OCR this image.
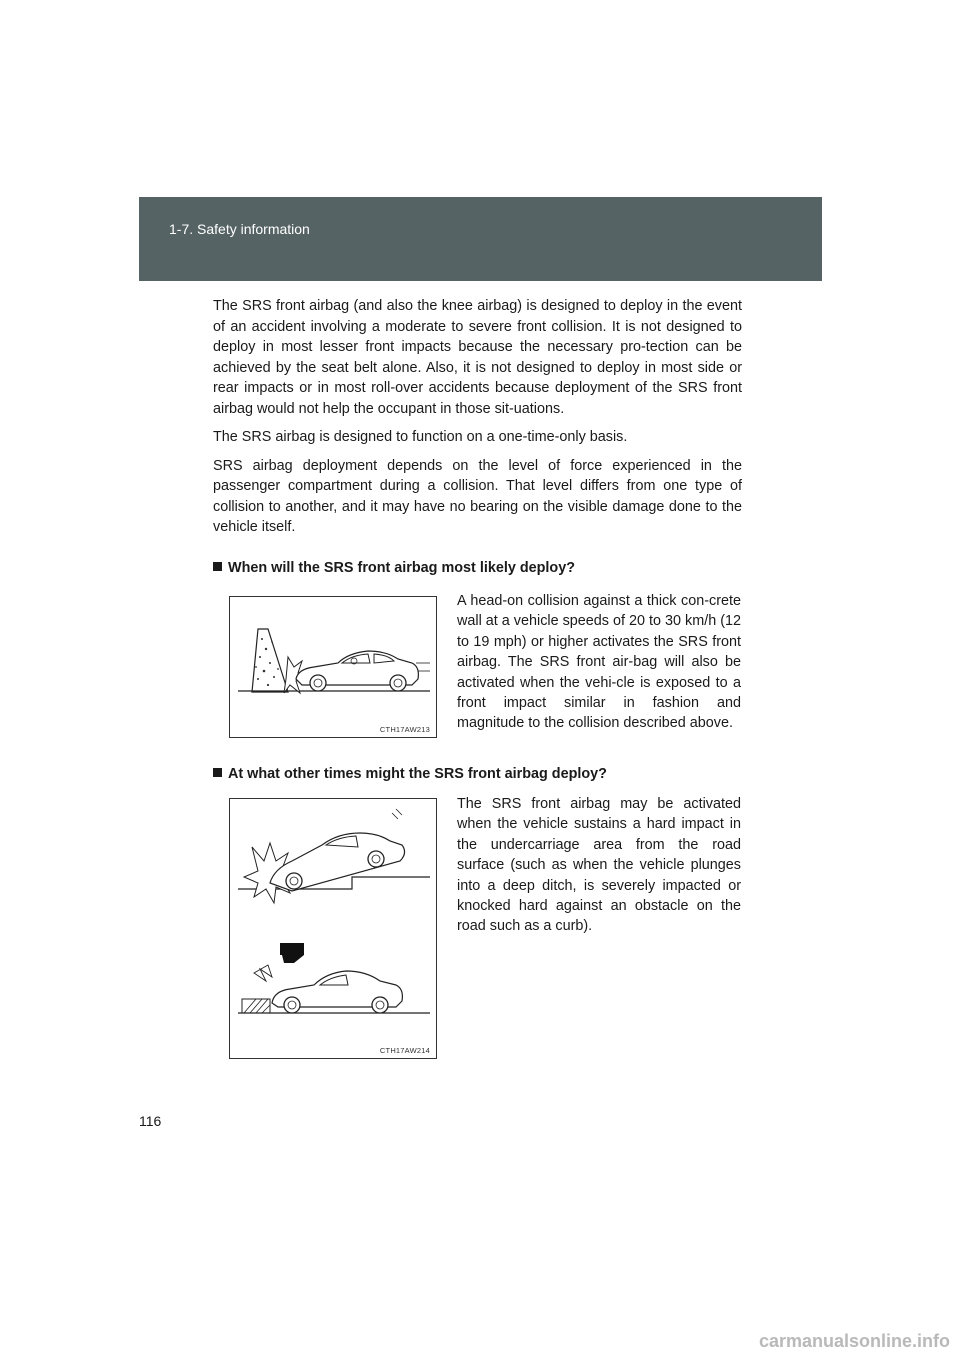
1-7. Safety information

The SRS front airbag (and also the knee airbag) is designed to deploy in the event of an accident involving a moderate to severe front collision. It is not designed to deploy in most lesser front impacts because the necessary pro-tection can be achieved by the seat belt alone. Also, it is not designed to deploy in most side or rear impacts or in most roll-over accidents because deployment of the SRS front airbag would not help the occupant in those sit-uations.

The SRS airbag is designed to function on a one-time-only basis.

SRS airbag deployment depends on the level of force experienced in the passenger compartment during a collision. That level differs from one type of collision to another, and it may have no bearing on the visible damage done to the vehicle itself.

When will the SRS front airbag most likely deploy?
CTH17AW213
A head-on collision against a thick con-crete wall at a vehicle speeds of 20 to 30 km/h (12 to 19 mph) or higher activates the SRS front airbag. The SRS front air-bag will also be activated when the vehi-cle is exposed to a front impact similar in fashion and magnitude to the collision described above.
At what other times might the SRS front airbag deploy?
CTH17AW214
The SRS front airbag may be activated when the vehicle sustains a hard impact in the undercarriage area from the road surface (such as when the vehicle plunges into a deep ditch, is severely impacted or knocked hard against an obstacle on the road such as a curb).
116
carmanualsonline.info
